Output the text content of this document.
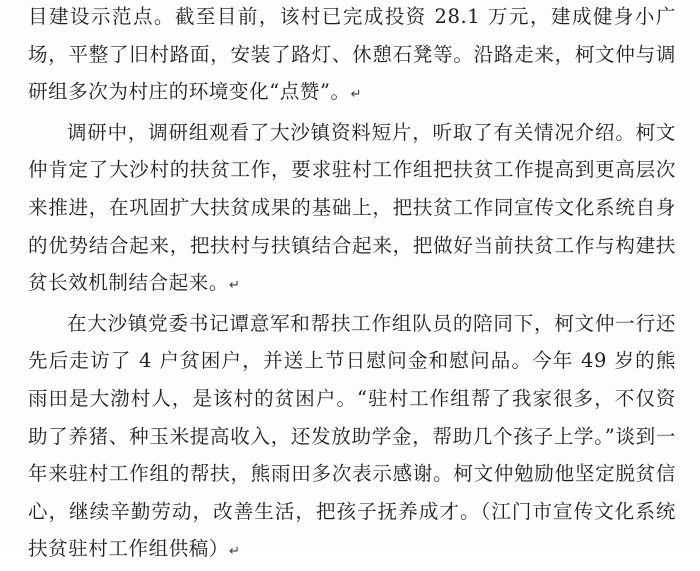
目建设示范点。截至目前，该村已完成投资 28.1 万元，建成健身小广场，平整了旧村路面，安装了路灯、休憩石凳等。沿路走来，柯文仲与调研组多次为村庄的环境变化“点赞”。↵

调研中，调研组观看了大沙镇资料短片，听取了有关情况介绍。柯文仲肯定了大沙村的扶贫工作，要求驻村工作组把扶贫工作提高到更高层次来推进，在巩固扩大扶贫成果的基础上，把扶贫工作同宣传文化系统自身的优势结合起来，把扶村与扶镇结合起来，把做好当前扶贫工作与构建扶贫长效机制结合起来。↵

在大沙镇党委书记谭意军和帮扶工作组队员的陪同下，柯文仲一行还先后走访了 4 户贫困户，并送上节日慰问金和慰问品。今年 49 岁的熊雨田是大渤村人，是该村的贫困户。“驻村工作组帮了我家很多，不仅资助了养猪、种玉米提高收入，还发放助学金，帮助几个孩子上学。”谈到一年来驻村工作组的帮扶，熊雨田多次表示感谢。柯文仲勉励他坚定脱贫信心，继续辛勤劳动，改善生活，把孩子抚养成才。（江门市宣传文化系统扶贫驻村工作组供稿）↵
